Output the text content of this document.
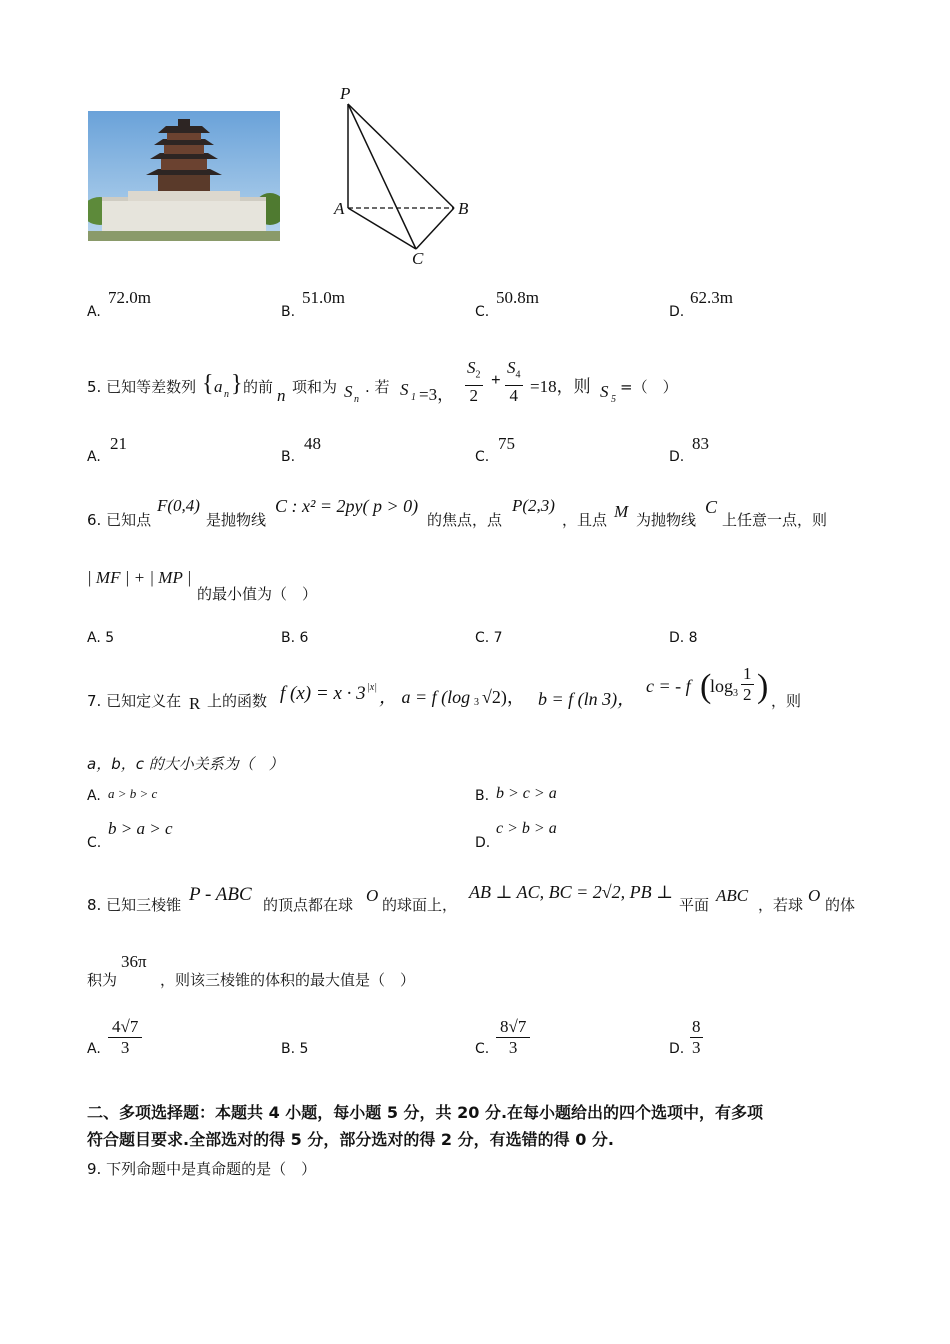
P
A	B
C
A.
72.0m
B.
51.0m
C.
50.8m
D.
62.3m
5. 已知等差数列 { a n } 的前 n 项和为 S n
. 若 S 1 =3， $\frac{S_2}{2} + \frac{S_4}{4} =18$，则 S 5
=（　）
A.
21
B.
48
C.
75
D.
83
6. 已知点
F(0,4)
是抛物线
C : x² = 2py( p > 0)
的焦点，点
P(2,3)
，且点 M 为抛物线
C
上任意一点，则
| MF | + | MP |
的最小值为（　）
A. 5	B. 6	C. 7	D. 8
7. 已知定义在 R 上的函数 f (x) = x · 3 |x| ， a = f (log 3 √2)， b = f (ln 3)，
c = - f (
$\log 3 \frac{1}{2}$ ) ，则
a，b，c 的大小关系为（　）
A. a > b > c	B. b > c > a
C.
b > a > c
D.
c > b > a
8. 已知三棱锥 P - ABC 的顶点都在球 O 的球面上，
AB ⊥ AC, BC = 2√2, PB ⊥
平面 ABC ，若球 O 的体
积为
36π
，则该三棱锥的体积的最大值是（　）
A. $\frac{4√7}{3}$	B. 5	C. $\frac{8√7}{3}$	D. $\frac{8}{3}$
二、多项选择题：本题共 4 小题，每小题 5 分，共 20 分.在每小题给出的四个选项中，有多项
符合题目要求.全部选对的得 5 分，部分选对的得 2 分，有选错的得 0 分.
9. 下列命题中是真命题的是（　）
